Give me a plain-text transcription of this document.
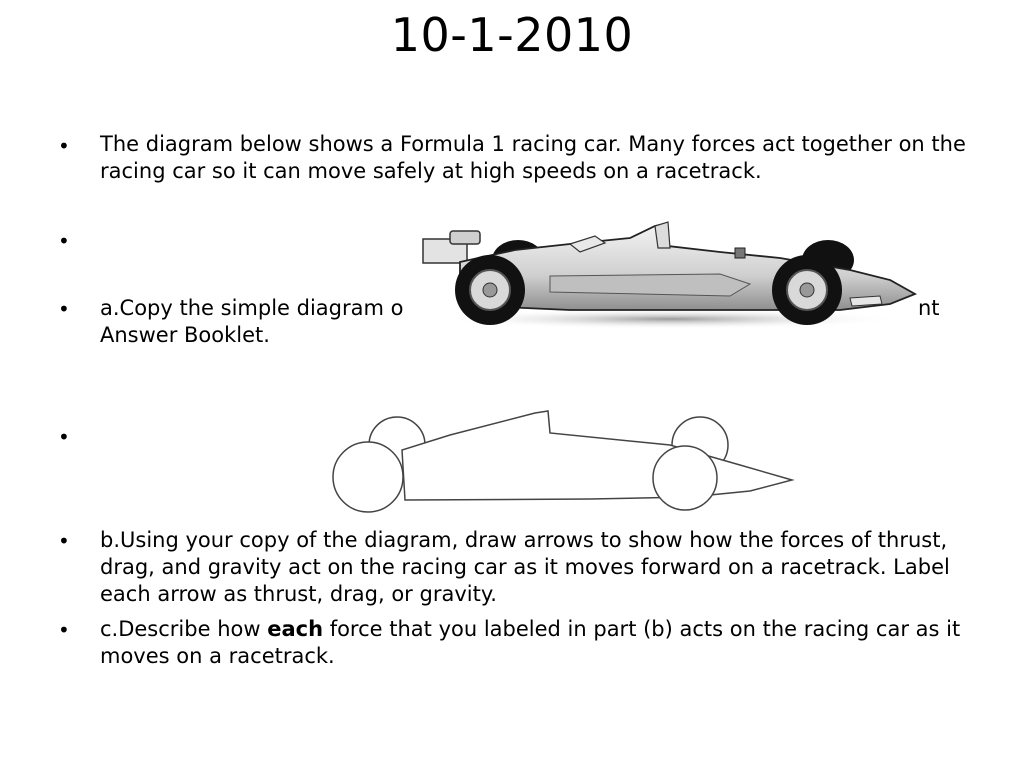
10-1-2010
• The diagram below shows a Formula 1 racing car. Many forces act together on the racing car so it can move safely at high speeds on a racetrack.
•
• a.Copy the simple diagram o	nt

Answer Booklet.
•
• b.Using your copy of the diagram, draw arrows to show how the forces of thrust, drag, and gravity act on the racing car as it moves forward on a racetrack. Label each arrow as thrust, drag, or gravity.
• c.Describe how each force that you labeled in part (b) acts on the racing car as it moves on a racetrack.
